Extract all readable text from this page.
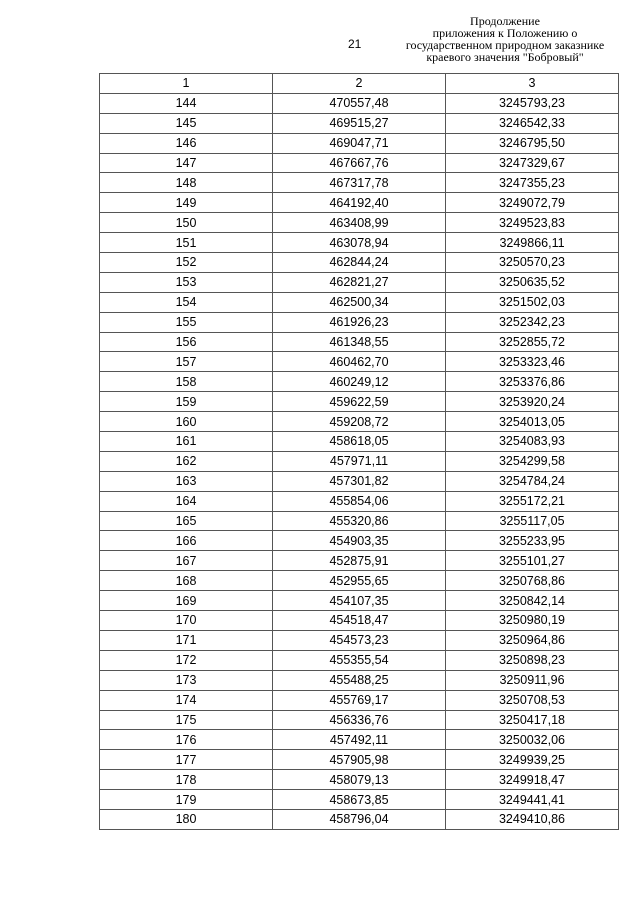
21
Продолжение
приложения к Положению о
государственном природном заказнике
краевого значения "Бобровый"
1	2	3
144	470557,48	3245793,23
145	469515,27	3246542,33
146	469047,71	3246795,50
147	467667,76	3247329,67
148	467317,78	3247355,23
149	464192,40	3249072,79
150	463408,99	3249523,83
151	463078,94	3249866,11
152	462844,24	3250570,23
153	462821,27	3250635,52
154	462500,34	3251502,03
155	461926,23	3252342,23
156	461348,55	3252855,72
157	460462,70	3253323,46
158	460249,12	3253376,86
159	459622,59	3253920,24
160	459208,72	3254013,05
161	458618,05	3254083,93
162	457971,11	3254299,58
163	457301,82	3254784,24
164	455854,06	3255172,21
165	455320,86	3255117,05
166	454903,35	3255233,95
167	452875,91	3255101,27
168	452955,65	3250768,86
169	454107,35	3250842,14
170	454518,47	3250980,19
171	454573,23	3250964,86
172	455355,54	3250898,23
173	455488,25	3250911,96
174	455769,17	3250708,53
175	456336,76	3250417,18
176	457492,11	3250032,06
177	457905,98	3249939,25
178	458079,13	3249918,47
179	458673,85	3249441,41
180	458796,04	3249410,86
